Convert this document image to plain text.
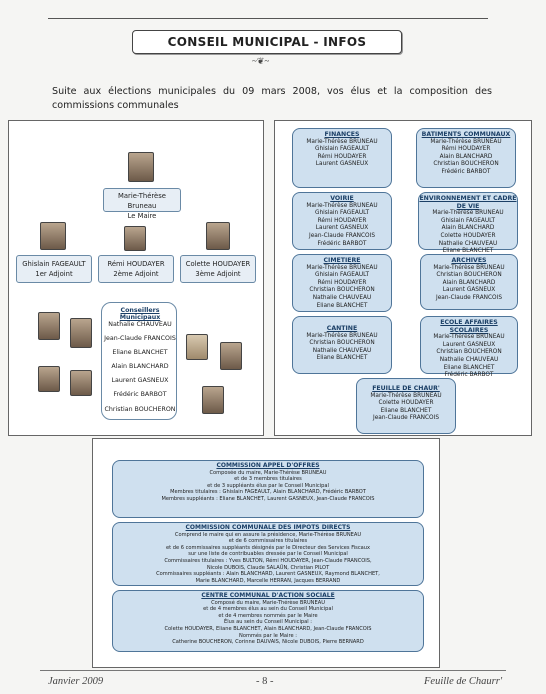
CONSEIL MUNICIPAL - INFOS
~❦~

Suite aux élections municipales du 09 mars 2008, vos élus et la composition des commissions communales

Marie-Thérèse Bruneau
Le Maire
Ghislain FAGEAULT
1er Adjoint
Rémi HOUDAYER
2ème Adjoint
Colette HOUDAYER
3ème Adjoint
Conseillers Municipaux
Nathalie CHAUVEAU
Jean-Claude FRANCOIS
Eliane BLANCHET
Alain BLANCHARD
Laurent GASNEUX
Frédéric BARBOT
Christian BOUCHERON
FINANCES
Marie-Thérèse BRUNEAU
Ghislain FAGEAULT
Rémi HOUDAYER
Laurent GASNEUX
BATIMENTS COMMUNAUX
Marie-Thérèse BRUNEAU
Rémi HOUDAYER
Alain BLANCHARD
Christian BOUCHERON
Frédéric BARBOT
VOIRIE
Marie-Thérèse BRUNEAU
Ghislain FAGEAULT
Rémi HOUDAYER
Laurent GASNEUX
Jean-Claude FRANCOIS
Frédéric BARBOT
ENVIRONNEMENT ET CADRE DE VIE
Marie-Thérèse BRUNEAU
Ghislain FAGEAULT
Alain BLANCHARD
Colette HOUDAYER
Nathalie CHAUVEAU
Eliane BLANCHET
CIMETIERE
Marie-Thérèse BRUNEAU
Ghislain FAGEAULT
Rémi HOUDAYER
Christian BOUCHERON
Nathalie CHAUVEAU
Eliane BLANCHET
ARCHIVES
Marie-Thérèse BRUNEAU
Christian BOUCHERON
Alain BLANCHARD
Laurent GASNEUX
Jean-Claude FRANCOIS
CANTINE
Marie-Thérèse BRUNEAU
Christian BOUCHERON
Nathalie CHAUVEAU
Eliane BLANCHET
ECOLE AFFAIRES SCOLAIRES
Marie-Thérèse BRUNEAU
Laurent GASNEUX
Christian BOUCHERON
Nathalie CHAUVEAU
Eliane BLANCHET
Frédéric BARBOT
FEUILLE DE CHAUR'
Marie-Thérèse BRUNEAU
Colette HOUDAYER
Eliane BLANCHET
Jean-Claude FRANCOIS
COMMISSION APPEL D'OFFRES
Composée du maire, Marie-Thérèse BRUNEAU
et de 3 membres titulaires
et de 3 suppléants élus par le Conseil Municipal
Membres titulaires : Ghislain FAGEAULT, Alain BLANCHARD, Frédéric BARBOT
Membres suppléants : Eliane BLANCHET, Laurent GASNEUX, Jean-Claude FRANCOIS
COMMISSION COMMUNALE DES IMPOTS DIRECTS
Comprend le maire qui en assure la présidence, Marie-Thérèse BRUNEAU
et de 6 commissaires titulaires
et de 6 commissaires suppléants désignés par le Directeur des Services Fiscaux
sur une liste de contribuables dressée par le Conseil Municipal
Commissaires titulaires : Yves BULTON, Rémi HOUDAYER, Jean-Claude FRANCOIS,
Nicole DUBOIS, Claude SALAÜN, Christian PILOT
Commissaires suppléants : Alain BLANCHARD, Laurent GASNEUX, Raymond BLANCHET,
Marie BLANCHARD, Marcelle HERRAN, Jacques BERRAND
CENTRE COMMUNAL D'ACTION SOCIALE
Composé du maire, Marie-Thérèse BRUNEAU
et de 4 membres élus au sein du Conseil Municipal
et de 4 membres nommés par le Maire
Élus au sein du Conseil Municipal :
Colette HOUDAYER, Eliane BLANCHET, Alain BLANCHARD, Jean-Claude FRANCOIS
Nommés par le Maire :
Catherine BOUCHERON, Corinne DAUVAIS, Nicole DUBOIS, Pierre BERNARD
Janvier 2009	- 8 -	Feuille de Chaurr'
